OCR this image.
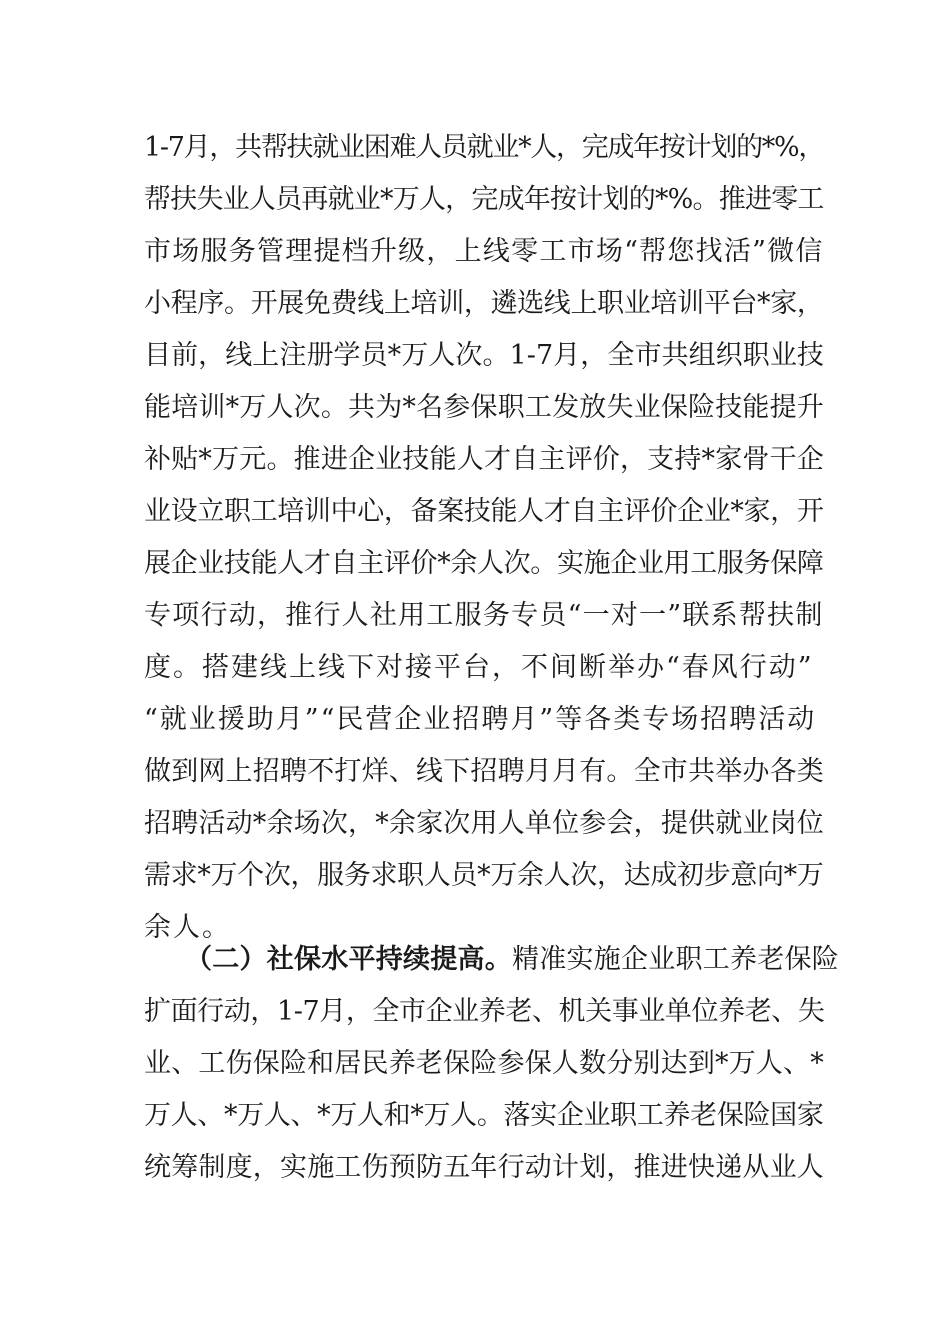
1-7月，共帮扶就业困难人员就业*人，完成年按计划的*%，
帮扶失业人员再就业*万人，完成年按计划的*%。推进零工
市场服务管理提档升级，上线零工市场“帮您找活”微信
小程序。开展免费线上培训，遴选线上职业培训平台*家，
目前，线上注册学员*万人次。1-7月，全市共组织职业技
能培训*万人次。共为*名参保职工发放失业保险技能提升
补贴*万元。推进企业技能人才自主评价，支持*家骨干企
业设立职工培训中心，备案技能人才自主评价企业*家，开
展企业技能人才自主评价*余人次。实施企业用工服务保障
专项行动，推行人社用工服务专员“一对一”联系帮扶制
度。搭建线上线下对接平台，不间断举办“春风行动”
“就业援助月”“民营企业招聘月”等各类专场招聘活动
做到网上招聘不打烊、线下招聘月月有。全市共举办各类
招聘活动*余场次，*余家次用人单位参会，提供就业岗位
需求*万个次，服务求职人员*万余人次，达成初步意向*万
余人。
（二）社保水平持续提高。精准实施企业职工养老保险
扩面行动，1-7月，全市企业养老、机关事业单位养老、失
业、工伤保险和居民养老保险参保人数分别达到*万人、*
万人、*万人、*万人和*万人。落实企业职工养老保险国家
统筹制度，实施工伤预防五年行动计划，推进快递从业人
